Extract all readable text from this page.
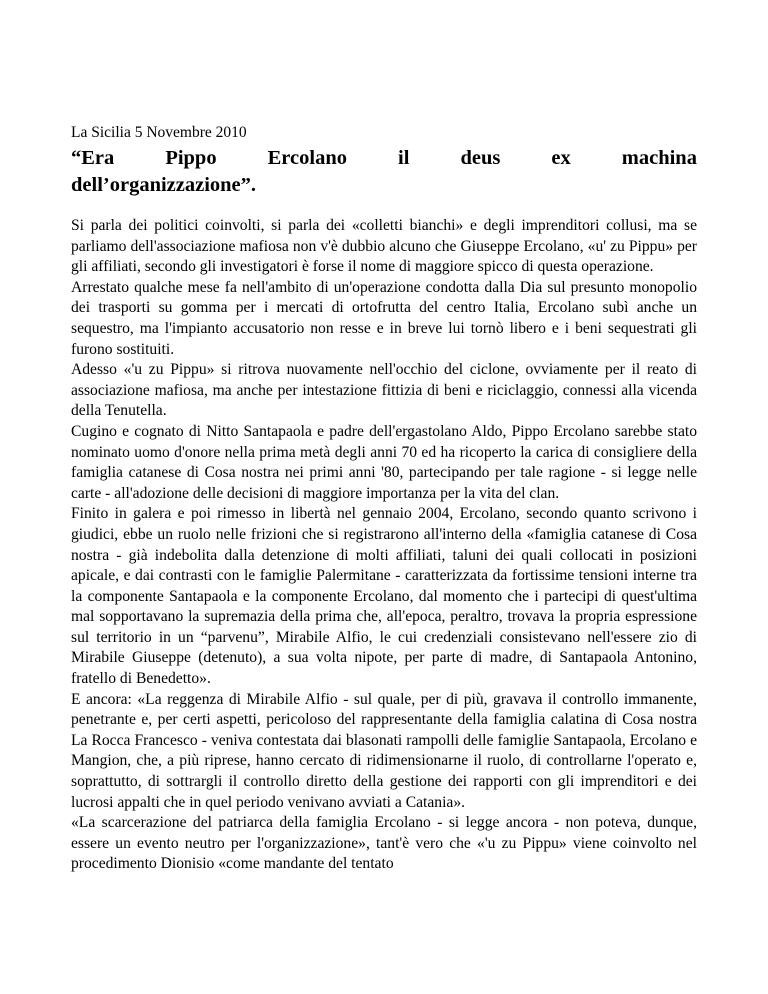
La Sicilia 5 Novembre 2010

“Era Pippo Ercolano il deus ex machina
dell’organizzazione”.

Si parla dei politici coinvolti, si parla dei «colletti bianchi» e degli imprenditori collusi, ma se parliamo dell'associazione mafiosa non v'è dubbio alcuno che Giuseppe Ercolano, «u' zu Pippu» per gli affiliati, secondo gli investigatori è forse il nome di maggiore spicco di questa operazione.

Arrestato qualche mese fa nell'ambito di un'operazione condotta dalla Dia sul presunto monopolio dei trasporti su gomma per i mercati di ortofrutta del centro Italia, Ercolano subì anche un sequestro, ma l'impianto accusatorio non resse e in breve lui tornò libero e i beni sequestrati gli furono sostituiti.

Adesso «'u zu Pippu» si ritrova nuovamente nell'occhio del ciclone, ovviamente per il reato di associazione mafiosa, ma anche per intestazione fittizia di beni e riciclaggio, connessi alla vicenda della Tenutella.

Cugino e cognato di Nitto Santapaola e padre dell'ergastolano Aldo, Pippo Ercolano sarebbe stato nominato uomo d'onore nella prima metà degli anni 70 ed ha ricoperto la carica di consigliere della famiglia catanese di Cosa nostra nei primi anni '80, partecipando per tale ragione - si legge nelle carte - all'adozione delle decisioni di maggiore importanza per la vita del clan.

Finito in galera e poi rimesso in libertà nel gennaio 2004, Ercolano, secondo quanto scrivono i giudici, ebbe un ruolo nelle frizioni che si registrarono all'interno della «famiglia catanese di Cosa nostra - già indebolita dalla detenzione di molti affiliati, taluni dei quali collocati in posizioni apicale, e dai contrasti con le famiglie Palermitane - caratterizzata da fortissime tensioni interne tra la componente Santapaola e la componente Ercolano, dal momento che i partecipi di quest'ultima mal sopportavano la supremazia della prima che, all'epoca, peraltro, trovava la propria espressione sul territorio in un “parvenu”, Mirabile Alfio, le cui credenziali consistevano nell'essere zio di Mirabile Giuseppe (detenuto), a sua volta nipote, per parte di madre, di Santapaola Antonino, fratello di Benedetto».

E ancora: «La reggenza di Mirabile Alfio - sul quale, per di più, gravava il controllo immanente, penetrante e, per certi aspetti, pericoloso del rappresentante della famiglia calatina di Cosa nostra La Rocca Francesco - veniva contestata dai blasonati rampolli delle famiglie Santapaola, Ercolano e Mangion, che, a più riprese, hanno cercato di ridimensionarne il ruolo, di controllarne l'operato e, soprattutto, di sottrargli il controllo diretto della gestione dei rapporti con gli imprenditori e dei lucrosi appalti che in quel periodo venivano avviati a Catania».

«La scarcerazione del patriarca della famiglia Ercolano - si legge ancora - non poteva, dunque, essere un evento neutro per l'organizzazione», tant'è vero che «'u zu Pippu» viene coinvolto nel procedimento Dionisio «come mandante del tentato
